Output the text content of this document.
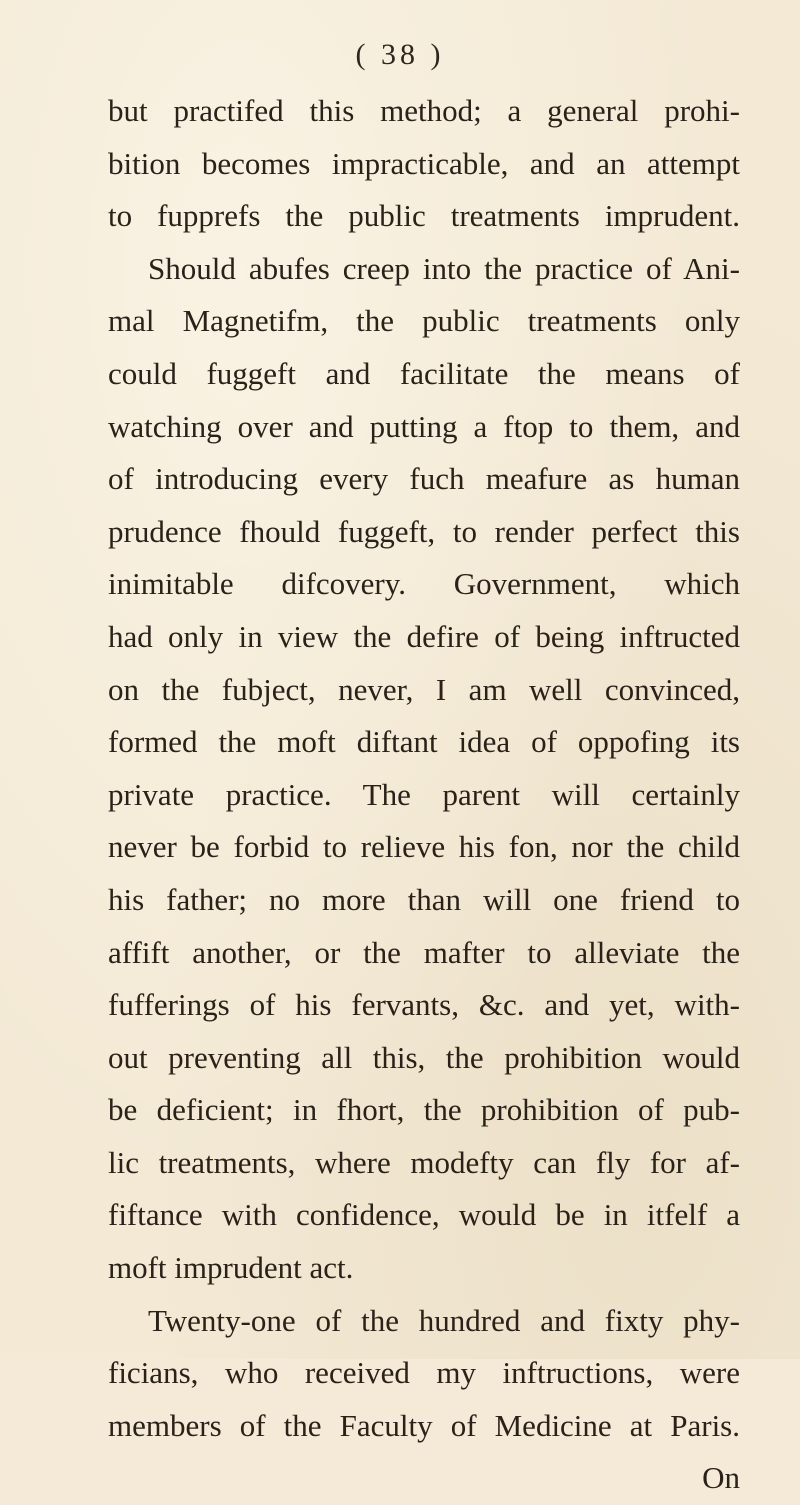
( 38 )
but practifed this method; a general prohi-
bition becomes impracticable, and an attempt
to fupprefs the public treatments imprudent.
Should abufes creep into the practice of Ani-
mal Magnetifm, the public treatments only
could fuggeft and facilitate the means of
watching over and putting a ftop to them, and
of introducing every fuch meafure as human
prudence fhould fuggeft, to render perfect this
inimitable difcovery. Government, which
had only in view the defire of being inftructed
on the fubject, never, I am well convinced,
formed the moft diftant idea of oppofing its
private practice. The parent will certainly
never be forbid to relieve his fon, nor the child
his father; no more than will one friend to
affift another, or the mafter to alleviate the
fufferings of his fervants, &c. and yet, with-
out preventing all this, the prohibition would
be deficient; in fhort, the prohibition of pub-
lic treatments, where modefty can fly for af-
fiftance with confidence, would be in itfelf a
moft imprudent act.
Twenty-one of the hundred and fixty phy-
ficians, who received my inftructions, were
members of the Faculty of Medicine at Paris.
On
